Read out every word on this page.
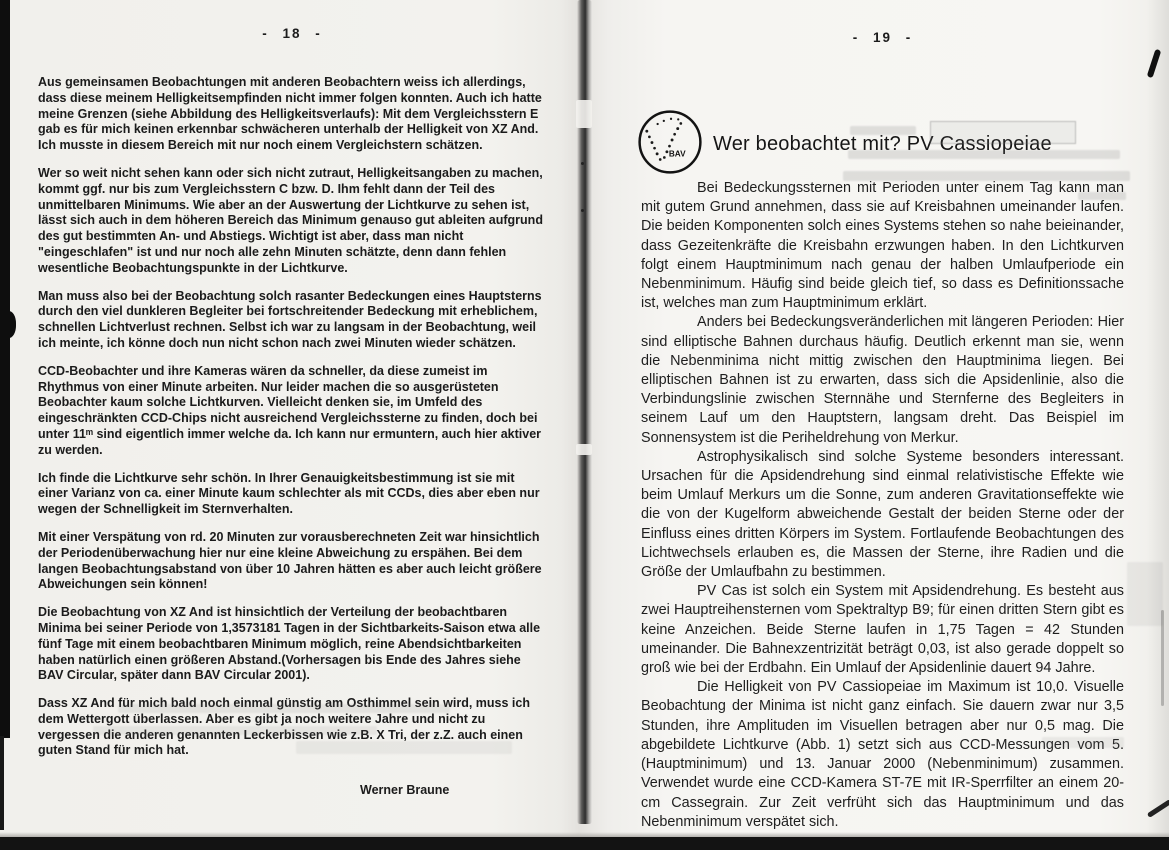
- 18 -

Aus gemeinsamen Beobachtungen mit anderen Beobachtern weiss ich allerdings, dass diese meinem Helligkeitsempfinden nicht immer folgen konnten. Auch ich hatte meine Grenzen (siehe Abbildung des Helligkeitsverlaufs): Mit dem Vergleichsstern E gab es für mich keinen erkennbar schwächeren unterhalb der Helligkeit von XZ And. Ich musste in diesem Bereich mit nur noch einem Vergleichstern schätzen.

Wer so weit nicht sehen kann oder sich nicht zutraut, Helligkeitsangaben zu machen, kommt ggf. nur bis zum Vergleichsstern C bzw. D. Ihm fehlt dann der Teil des unmittelbaren Minimums. Wie aber an der Auswertung der Lichtkurve zu sehen ist, lässt sich auch in dem höheren Bereich das Minimum genauso gut ableiten aufgrund des gut bestimmten An- und Abstiegs. Wichtigt ist aber, dass man nicht "eingeschlafen" ist und nur noch alle zehn Minuten schätzte, denn dann fehlen wesentliche Beobachtungspunkte in der Lichtkurve.

Man muss also bei der Beobachtung solch rasanter Bedeckungen eines Hauptsterns durch den viel dunkleren Begleiter bei fortschreitender Bedeckung mit erheblichem, schnellen Lichtverlust rechnen. Selbst ich war zu langsam in der Beobachtung, weil ich meinte, ich könne doch nun nicht schon nach zwei Minuten wieder schätzen.

CCD-Beobachter und ihre Kameras wären da schneller, da diese zumeist im Rhythmus von einer Minute arbeiten. Nur leider machen die so ausgerüsteten Beobachter kaum solche Lichtkurven. Vielleicht denken sie, im Umfeld des eingeschränkten CCD-Chips nicht ausreichend Vergleichssterne zu finden, doch bei unter 11ᵐ sind eigentlich immer welche da. Ich kann nur ermuntern, auch hier aktiver zu werden.

Ich finde die Lichtkurve sehr schön. In Ihrer Genauigkeitsbestimmung ist sie mit einer Varianz von ca. einer Minute kaum schlechter als mit CCDs, dies aber eben nur wegen der Schnelligkeit im Sternverhalten.

Mit einer Verspätung von rd. 20 Minuten zur vorausberechneten Zeit war hinsichtlich der Periodenüberwachung hier nur eine kleine Abweichung zu erspähen. Bei dem langen Beobachtungsabstand von über 10 Jahren hätten es aber auch leicht größere Abweichungen sein können!

Die Beobachtung von XZ And ist hinsichtlich der Verteilung der beobachtbaren Minima bei seiner Periode von 1,3573181 Tagen in der Sichtbarkeits-Saison etwa alle fünf Tage mit einem beobachtbaren Minimum möglich, reine Abendsichtbarkeiten haben natürlich einen größeren Abstand.(Vorhersagen bis Ende des Jahres siehe BAV Circular, später dann BAV Circular 2001).

Dass XZ And für mich bald noch einmal günstig am Osthimmel sein wird, muss ich dem Wettergott überlassen. Aber es gibt ja noch weitere Jahre und nicht zu vergessen die anderen genannten Leckerbissen wie z.B. X Tri, der z.Z. auch einen guten Stand für mich hat.

Werner Braune
- 19 -
BAV Wer beobachtet mit? PV Cassiopeiae

Bei Bedeckungssternen mit Perioden unter einem Tag kann man mit gutem Grund annehmen, dass sie auf Kreisbahnen umeinander laufen. Die beiden Komponenten solch eines Systems stehen so nahe beieinander, dass Gezeitenkräfte die Kreisbahn erzwungen haben. In den Lichtkurven folgt einem Hauptminimum nach genau der halben Umlaufperiode ein Nebenminimum. Häufig sind beide gleich tief, so dass es Definitionssache ist, welches man zum Hauptminimum erklärt.

Anders bei Bedeckungsveränderlichen mit längeren Perioden: Hier sind elliptische Bahnen durchaus häufig. Deutlich erkennt man sie, wenn die Nebenminima nicht mittig zwischen den Hauptminima liegen. Bei elliptischen Bahnen ist zu erwarten, dass sich die Apsidenlinie, also die Verbindungslinie zwischen Sternnähe und Sternferne des Begleiters in seinem Lauf um den Hauptstern, langsam dreht. Das Beispiel im Sonnensystem ist die Periheldrehung von Merkur.

Astrophysikalisch sind solche Systeme besonders interessant. Ursachen für die Apsidendrehung sind einmal relativistische Effekte wie beim Umlauf Merkurs um die Sonne, zum anderen Gravitationseffekte wie die von der Kugelform abweichende Gestalt der beiden Sterne oder der Einfluss eines dritten Körpers im System. Fortlaufende Beobachtungen des Lichtwechsels erlauben es, die Massen der Sterne, ihre Radien und die Größe der Umlaufbahn zu bestimmen.

PV Cas ist solch ein System mit Apsidendrehung. Es besteht aus zwei Hauptreihensternen vom Spektraltyp B9; für einen dritten Stern gibt es keine Anzeichen. Beide Sterne laufen in 1,75 Tagen = 42 Stunden umeinander. Die Bahnexzentrizität beträgt 0,03, ist also gerade doppelt so groß wie bei der Erdbahn. Ein Umlauf der Apsidenlinie dauert 94 Jahre.

Die Helligkeit von PV Cassiopeiae im Maximum ist 10,0. Visuelle Beobachtung der Minima ist nicht ganz einfach. Sie dauern zwar nur 3,5 Stunden, ihre Amplituden im Visuellen betragen aber nur 0,5 mag. Die abgebildete Lichtkurve (Abb. 1) setzt sich aus CCD-Messungen vom 5. (Hauptminimum) und 13. Januar 2000 (Nebenminimum) zusammen. Verwendet wurde eine CCD-Kamera ST-7E mit IR-Sperrfilter an einem 20-cm Cassegrain. Zur Zeit verfrüht sich das Hauptminimum und das Nebenminimum verspätet sich.
